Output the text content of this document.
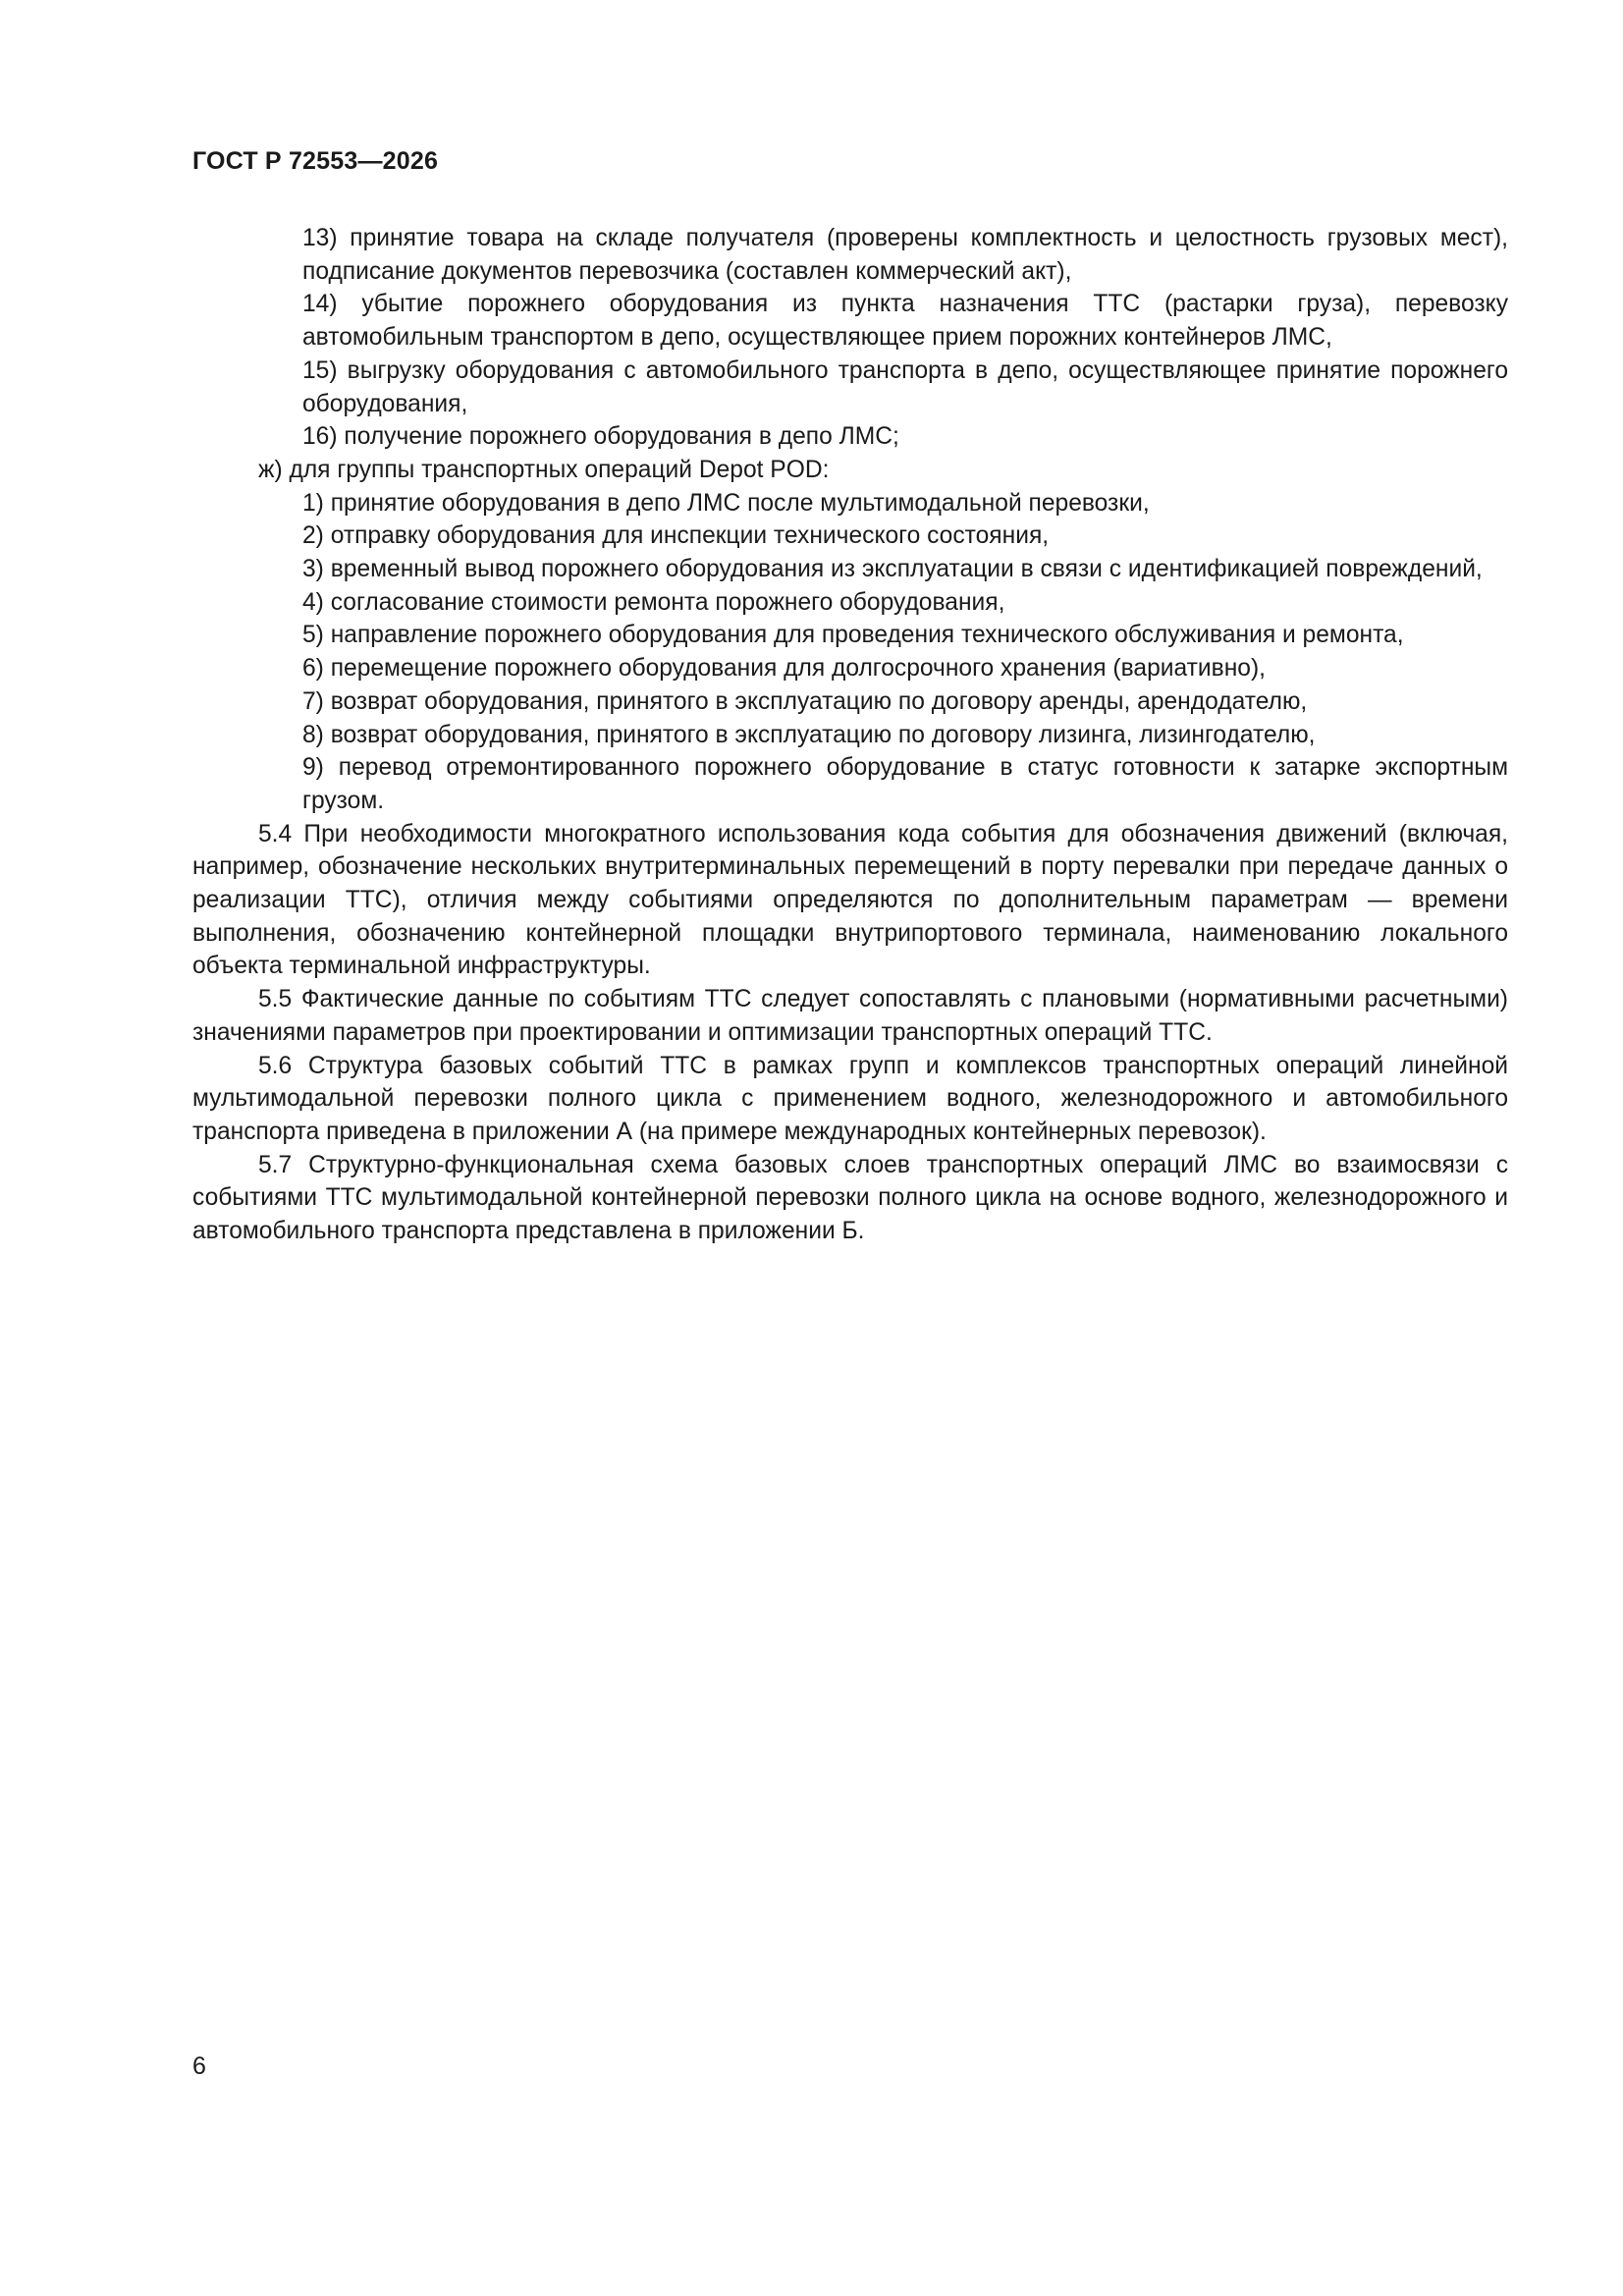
ГОСТ Р 72553—2026

13) принятие товара на складе получателя (проверены комплектность и целостность грузовых мест), подписание документов перевозчика (составлен коммерческий акт),

14) убытие порожнего оборудования из пункта назначения ТТС (растарки груза), перевозку автомобильным транспортом в депо, осуществляющее прием порожних контейнеров ЛМС,

15) выгрузку оборудования с автомобильного транспорта в депо, осуществляющее принятие порожнего оборудования,

16) получение порожнего оборудования в депо ЛМС;

ж) для группы транспортных операций Depot POD:

1) принятие оборудования в депо ЛМС после мультимодальной перевозки,

2) отправку оборудования для инспекции технического состояния,

3) временный вывод порожнего оборудования из эксплуатации в связи с идентификацией повреждений,

4) согласование стоимости ремонта порожнего оборудования,

5) направление порожнего оборудования для проведения технического обслуживания и ремонта,

6) перемещение порожнего оборудования для долгосрочного хранения (вариативно),

7) возврат оборудования, принятого в эксплуатацию по договору аренды, арендодателю,

8) возврат оборудования, принятого в эксплуатацию по договору лизинга, лизингодателю,

9) перевод отремонтированного порожнего оборудование в статус готовности к затарке экспортным грузом.

5.4 При необходимости многократного использования кода события для обозначения движений (включая, например, обозначение нескольких внутритерминальных перемещений в порту перевалки при передаче данных о реализации ТТС), отличия между событиями определяются по дополнительным параметрам — времени выполнения, обозначению контейнерной площадки внутрипортового терминала, наименованию локального объекта терминальной инфраструктуры.

5.5 Фактические данные по событиям ТТС следует сопоставлять с плановыми (нормативными расчетными) значениями параметров при проектировании и оптимизации транспортных операций ТТС.

5.6 Структура базовых событий ТТС в рамках групп и комплексов транспортных операций линейной мультимодальной перевозки полного цикла с применением водного, железнодорожного и автомобильного транспорта приведена в приложении А (на примере международных контейнерных перевозок).

5.7 Структурно-функциональная схема базовых слоев транспортных операций ЛМС во взаимосвязи с событиями ТТС мультимодальной контейнерной перевозки полного цикла на основе водного, железнодорожного и автомобильного транспорта представлена в приложении Б.

6
